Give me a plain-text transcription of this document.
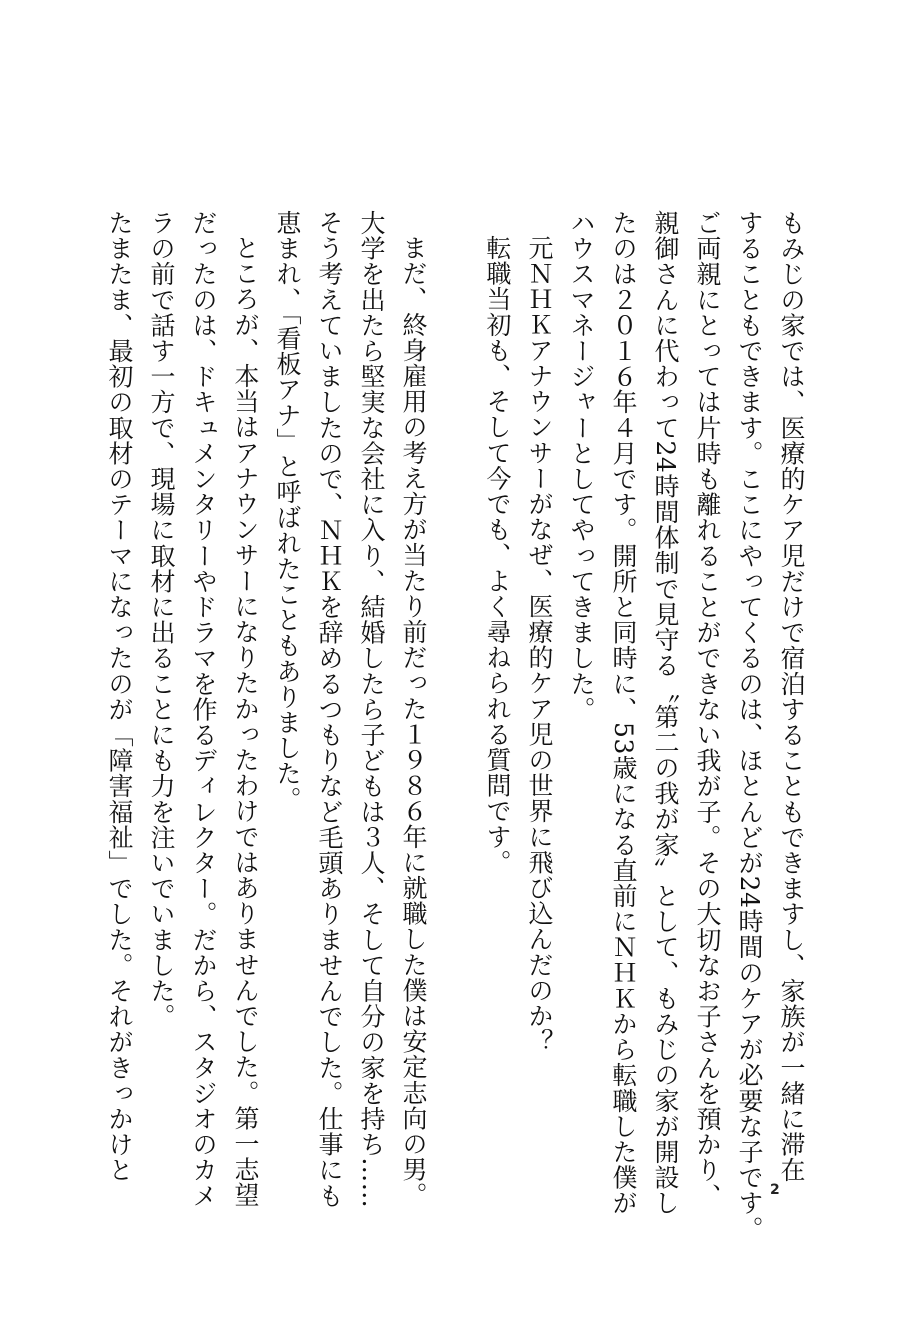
もみじの家では、医療的ケア児だけで宿泊することもできますし、家族が一緒に滞在
することもできます。ここにやってくるのは、ほとんどが24時間のケアが必要な子です。
ご両親にとっては片時も離れることができない我が子。その大切なお子さんを預かり、
親御さんに代わって24時間体制で見守る〝第二の我が家〟として、もみじの家が開設し
たのは２０１６年４月です。開所と同時に、53歳になる直前にＮＨＫから転職した僕が
ハウスマネージャーとしてやってきました。
元ＮＨＫアナウンサーがなぜ、医療的ケア児の世界に飛び込んだのか？
転職当初も、そして今でも、よく尋ねられる質問です。
まだ、終身雇用の考え方が当たり前だった１９８６年に就職した僕は安定志向の男。
大学を出たら堅実な会社に入り、結婚したら子どもは３人、そして自分の家を持ち……
そう考えていましたので、ＮＨＫを辞めるつもりなど毛頭ありませんでした。仕事にも
恵まれ、「看板アナ」と呼ばれたこともありました。
ところが、本当はアナウンサーになりたかったわけではありませんでした。第一志望
だったのは、ドキュメンタリーやドラマを作るディレクター。だから、スタジオのカメ
ラの前で話す一方で、現場に取材に出ることにも力を注いでいました。
たまたま、最初の取材のテーマになったのが「障害福祉」でした。それがきっかけと
2
